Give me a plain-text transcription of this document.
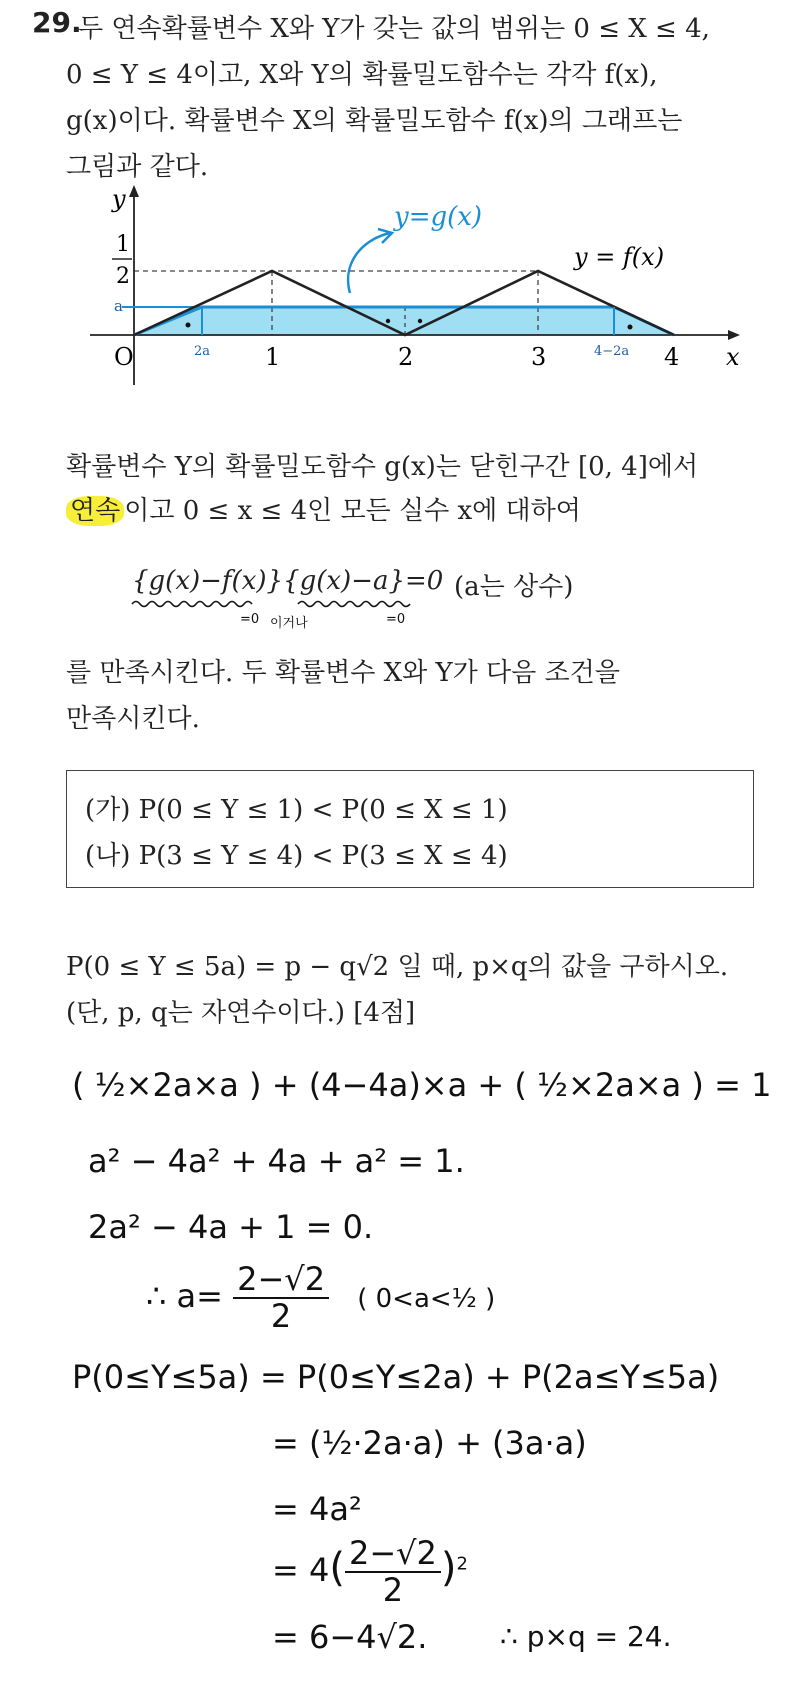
29.
두 연속확률변수 X와 Y가 갖는 값의 범위는 0 ≤ X ≤ 4,
0 ≤ Y ≤ 4이고, X와 Y의 확률밀도함수는 각각 f(x),
g(x)이다. 확률변수 X의 확률밀도함수 f(x)의 그래프는
그림과 같다.
y
x
O
1
2
a
1	2	3	4
2a	4−2a
y = f(x)
y=g(x)
확률변수 Y의 확률밀도함수 g(x)는 닫힌구간 [0, 4]에서
연속 이고 0 ≤ x ≤ 4인 모든 실수 x에 대하여
{g(x)−f(x)}{g(x)−a}=0 (a는 상수)
=0 이거나	=0
를 만족시킨다. 두 확률변수 X와 Y가 다음 조건을
만족시킨다.
(가) P(0 ≤ Y ≤ 1) < P(0 ≤ X ≤ 1)
(나) P(3 ≤ Y ≤ 4) < P(3 ≤ X ≤ 4)
P(0 ≤ Y ≤ 5a) = p − q√2 일 때, p×q의 값을 구하시오.
(단, p, q는 자연수이다.) [4점]
( ½×2a×a ) + (4−4a)×a + ( ½×2a×a ) = 1
a² − 4a² + 4a + a² = 1.
2a² − 4a + 1 = 0.
∴ $a= \frac{2-√2}{2}$ ( 0<a<½ )
P(0≤Y≤5a) = P(0≤Y≤2a) + P(2a≤Y≤5a)
= (½·2a·a) + (3a·a)
= 4a²
= $4( \frac{2-√2}{2} )^2$
= 6−4√2.	∴ p×q = 24.
